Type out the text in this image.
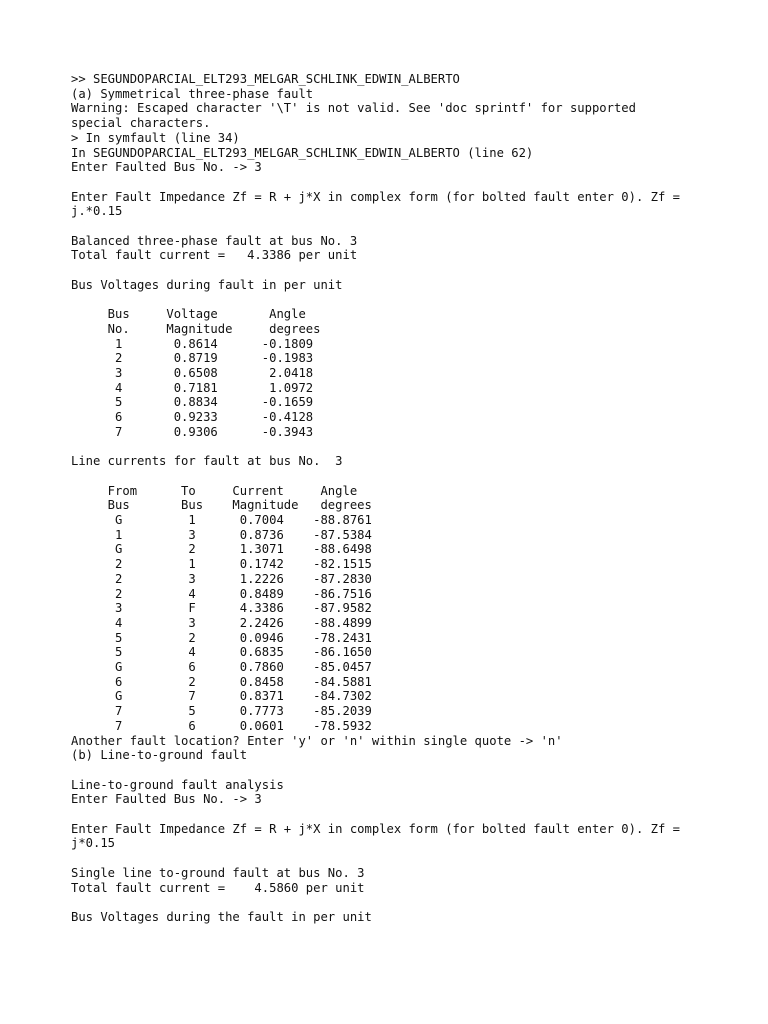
>> SEGUNDOPARCIAL_ELT293_MELGAR_SCHLINK_EDWIN_ALBERTO
(a) Symmetrical three-phase fault
Warning: Escaped character '\T' is not valid. See 'doc sprintf' for supported
special characters.
> In symfault (line 34)
In SEGUNDOPARCIAL_ELT293_MELGAR_SCHLINK_EDWIN_ALBERTO (line 62)
Enter Faulted Bus No. -> 3
Enter Fault Impedance Zf = R + j*X in complex form (for bolted fault enter 0). Zf =
j.*0.15
Balanced three-phase fault at bus No. 3
Total fault current =   4.3386 per unit
Bus Voltages during fault in per unit
Bus     Voltage       Angle
No.     Magnitude     degrees
1       0.8614      -0.1809
2       0.8719      -0.1983
3       0.6508       2.0418
4       0.7181       1.0972
5       0.8834      -0.1659
6       0.9233      -0.4128
7       0.9306      -0.3943
Line currents for fault at bus No.  3
From      To     Current     Angle
Bus       Bus    Magnitude   degrees
G         1      0.7004    -88.8761
1         3      0.8736    -87.5384
G         2      1.3071    -88.6498
2         1      0.1742    -82.1515
2         3      1.2226    -87.2830
2         4      0.8489    -86.7516
3         F      4.3386    -87.9582
4         3      2.2426    -88.4899
5         2      0.0946    -78.2431
5         4      0.6835    -86.1650
G         6      0.7860    -85.0457
6         2      0.8458    -84.5881
G         7      0.8371    -84.7302
7         5      0.7773    -85.2039
7         6      0.0601    -78.5932
Another fault location? Enter 'y' or 'n' within single quote -> 'n'
(b) Line-to-ground fault
Line-to-ground fault analysis
Enter Faulted Bus No. -> 3
Enter Fault Impedance Zf = R + j*X in complex form (for bolted fault enter 0). Zf =
j*0.15
Single line to-ground fault at bus No. 3
Total fault current =    4.5860 per unit
Bus Voltages during the fault in per unit
